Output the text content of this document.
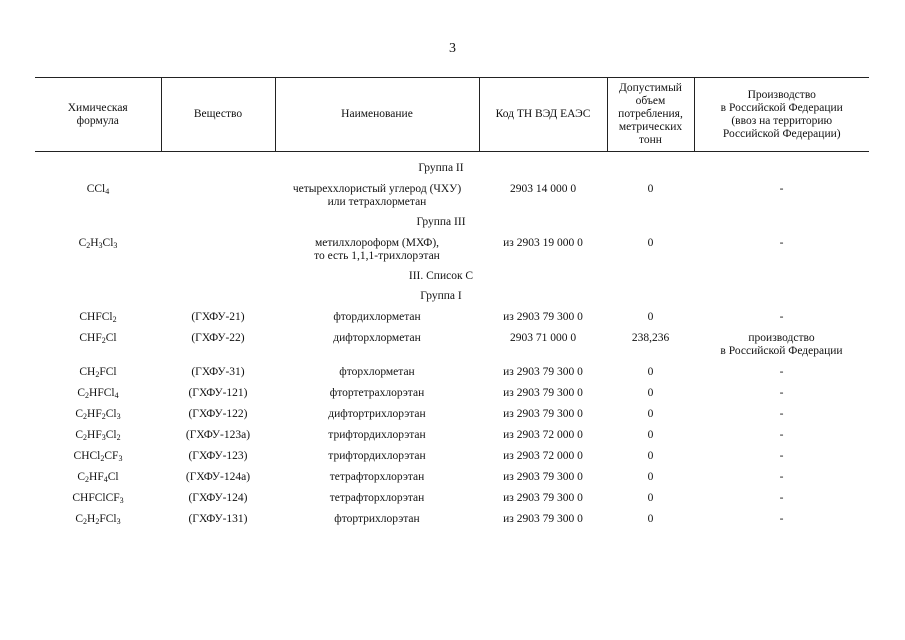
3
Химическая
формула	Вещество	Наименование	Код ТН ВЭД ЕАЭС	Допустимый
объем
потребления,
метрических
тонн	Производство
в Российской Федерации
(ввоз на территорию
Российской Федерации)

		Группа II			
CCl$_4$		четыреххлористый углерод (ЧХУ)
или тетрахлорметан	2903 14 000 0	0	-
		Группа III			
$C_2H_3Cl_3$		метилхлороформ (МХФ),
то есть 1,1,1-трихлорэтан	из 2903 19 000 0	0	-
		III. Список С			
		Группа I			
CHFCl$_2$	(ГХФУ-21)	фтордихлорметан	из 2903 79 300 0	0	-
$CHF_2Cl$	(ГХФУ-22)	дифторхлорметан	2903 71 000 0	238,236	производство
в Российской Федерации
$CH_2FCl$	(ГХФУ-31)	фторхлорметан	из 2903 79 300 0	0	-
$C_2HFCl_4$	(ГХФУ-121)	фтортетрахлорэтан	из 2903 79 300 0	0	-
$C_2HF_2Cl_3$	(ГХФУ-122)	дифтортрихлорэтан	из 2903 79 300 0	0	-
$C_2HF_3Cl_2$	(ГХФУ-123а)	трифтордихлорэтан	из 2903 72 000 0	0	-
$CHCl_2CF_3$	(ГХФУ-123)	трифтордихлорэтан	из 2903 72 000 0	0	-
$C_2HF_4Cl$	(ГХФУ-124а)	тетрафторхлорэтан	из 2903 79 300 0	0	-
CHFClCF$_3$	(ГХФУ-124)	тетрафторхлорэтан	из 2903 79 300 0	0	-
$C_2H_2FCl_3$	(ГХФУ-131)	фтортрихлорэтан	из 2903 79 300 0	0	-
